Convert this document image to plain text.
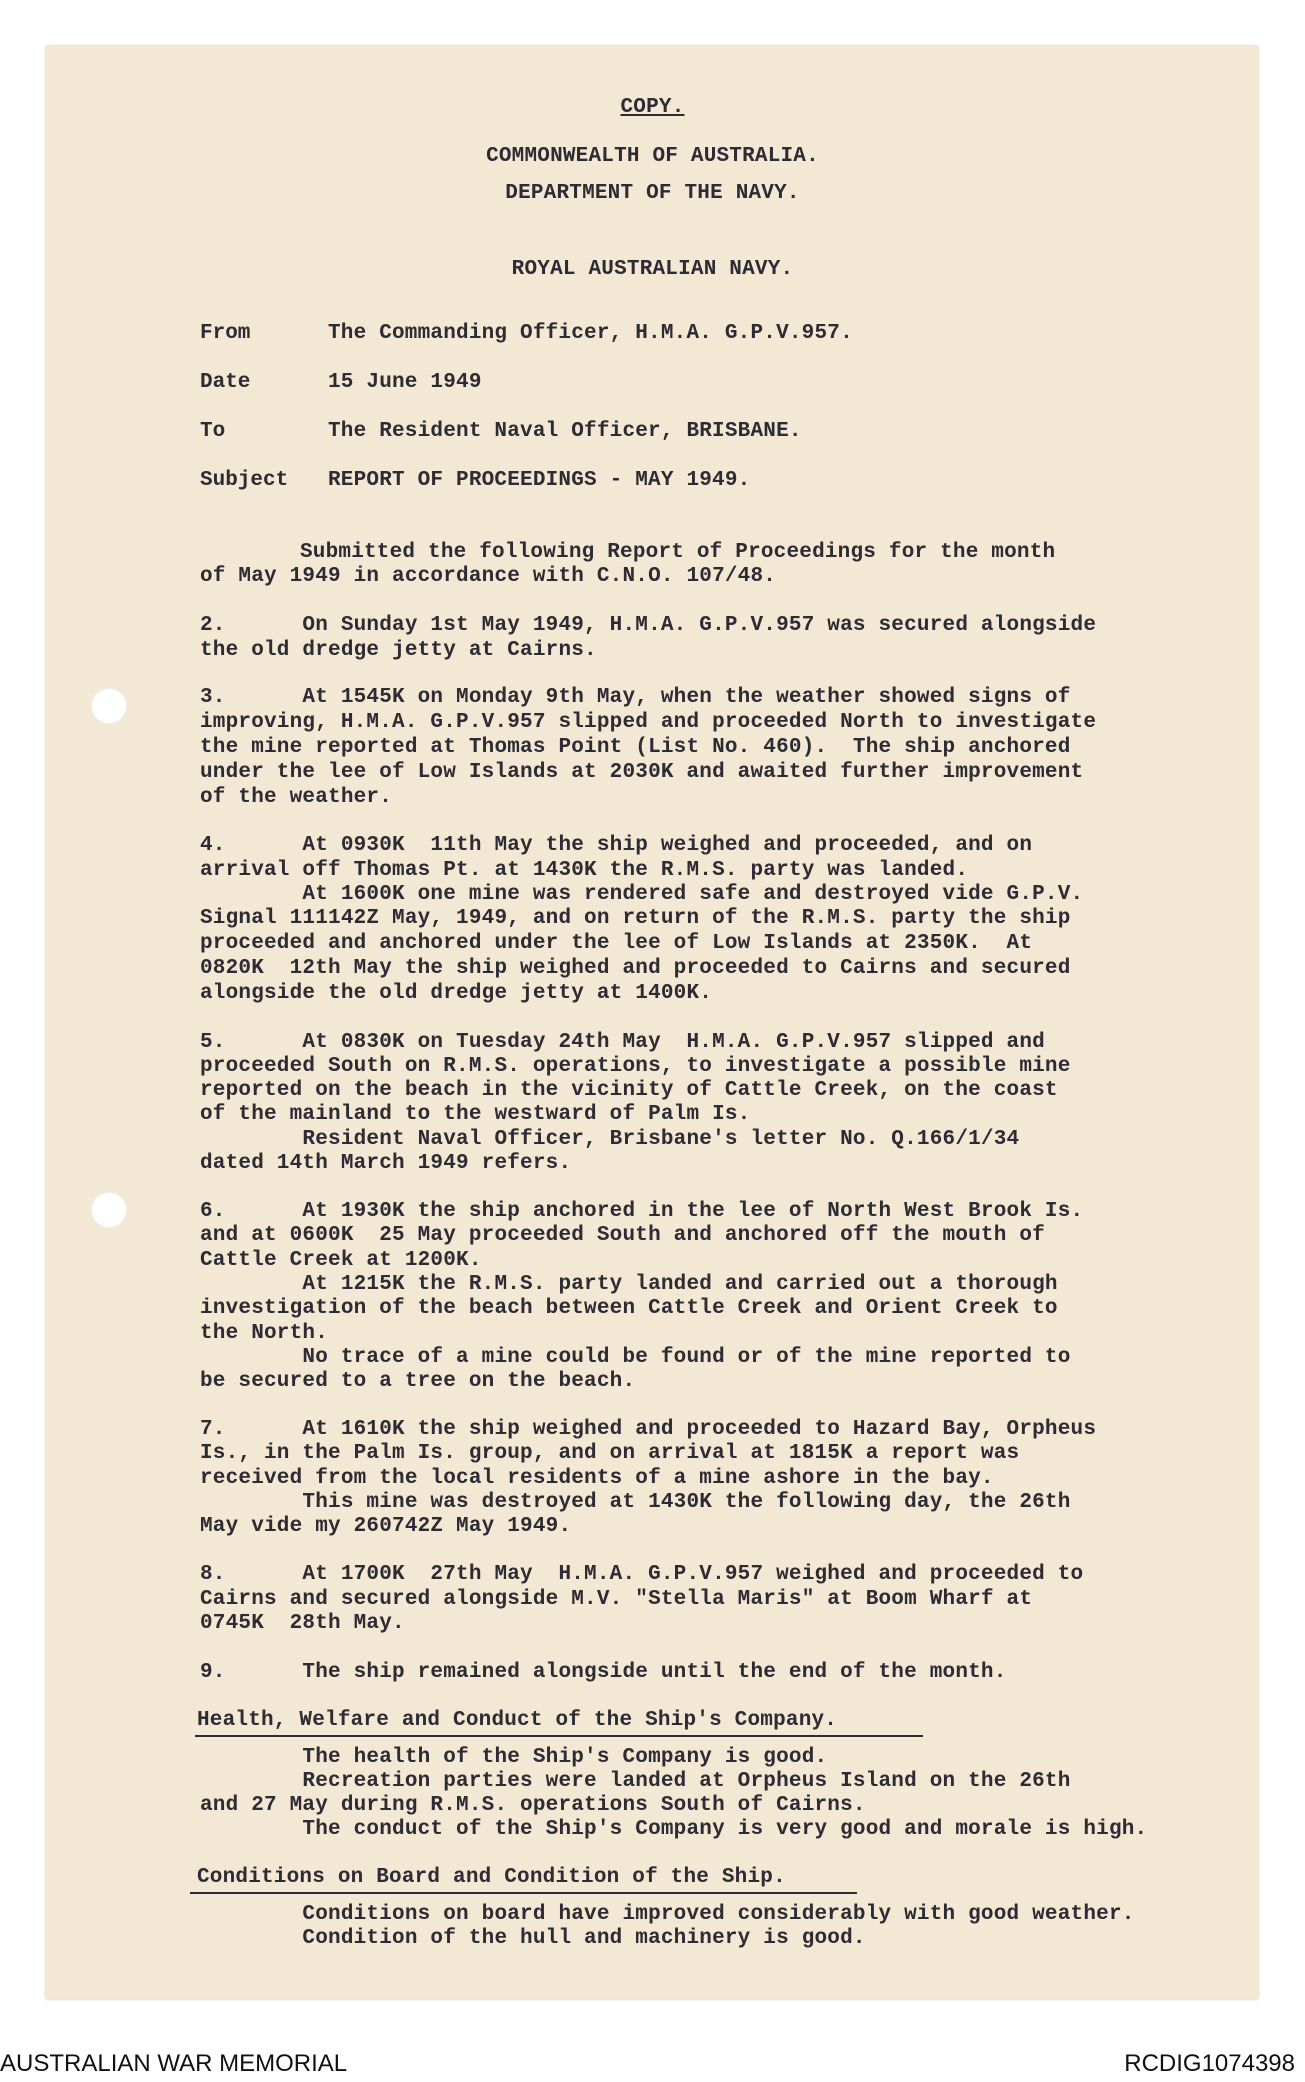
COPY.
COMMONWEALTH OF AUSTRALIA.
DEPARTMENT OF THE NAVY.
ROYAL AUSTRALIAN NAVY.
From	The Commanding Officer, H.M.A. G.P.V.957.
Date	15 June 1949
To	The Resident Naval Officer, BRISBANE.
Subject REPORT OF PROCEEDINGS - MAY 1949.
Submitted the following Report of Proceedings for the month
of May 1949 in accordance with C.N.O. 107/48.
2.      On Sunday 1st May 1949, H.M.A. G.P.V.957 was secured alongside
the old dredge jetty at Cairns.
3.      At 1545K on Monday 9th May, when the weather showed signs of
improving, H.M.A. G.P.V.957 slipped and proceeded North to investigate
the mine reported at Thomas Point (List No. 460).  The ship anchored
under the lee of Low Islands at 2030K and awaited further improvement
of the weather.
4.      At 0930K  11th May the ship weighed and proceeded, and on
arrival off Thomas Pt. at 1430K the R.M.S. party was landed.
At 1600K one mine was rendered safe and destroyed vide G.P.V.
Signal 111142Z May, 1949, and on return of the R.M.S. party the ship
proceeded and anchored under the lee of Low Islands at 2350K.  At
0820K  12th May the ship weighed and proceeded to Cairns and secured
alongside the old dredge jetty at 1400K.
5.      At 0830K on Tuesday 24th May  H.M.A. G.P.V.957 slipped and
proceeded South on R.M.S. operations, to investigate a possible mine
reported on the beach in the vicinity of Cattle Creek, on the coast
of the mainland to the westward of Palm Is.
Resident Naval Officer, Brisbane's letter No. Q.166/1/34
dated 14th March 1949 refers.
6.      At 1930K the ship anchored in the lee of North West Brook Is.
and at 0600K  25 May proceeded South and anchored off the mouth of
Cattle Creek at 1200K.
At 1215K the R.M.S. party landed and carried out a thorough
investigation of the beach between Cattle Creek and Orient Creek to
the North.
No trace of a mine could be found or of the mine reported to
be secured to a tree on the beach.
7.      At 1610K the ship weighed and proceeded to Hazard Bay, Orpheus
Is., in the Palm Is. group, and on arrival at 1815K a report was
received from the local residents of a mine ashore in the bay.
This mine was destroyed at 1430K the following day, the 26th
May vide my 260742Z May 1949.
8.      At 1700K  27th May  H.M.A. G.P.V.957 weighed and proceeded to
Cairns and secured alongside M.V. "Stella Maris" at Boom Wharf at
0745K  28th May.
9.      The ship remained alongside until the end of the month.
Health, Welfare and Conduct of the Ship's Company.
The health of the Ship's Company is good.
Recreation parties were landed at Orpheus Island on the 26th
and 27 May during R.M.S. operations South of Cairns.
The conduct of the Ship's Company is very good and morale is high.
Conditions on Board and Condition of the Ship.
Conditions on board have improved considerably with good weather.
Condition of the hull and machinery is good.
AUSTRALIAN WAR MEMORIAL	RCDIG1074398
